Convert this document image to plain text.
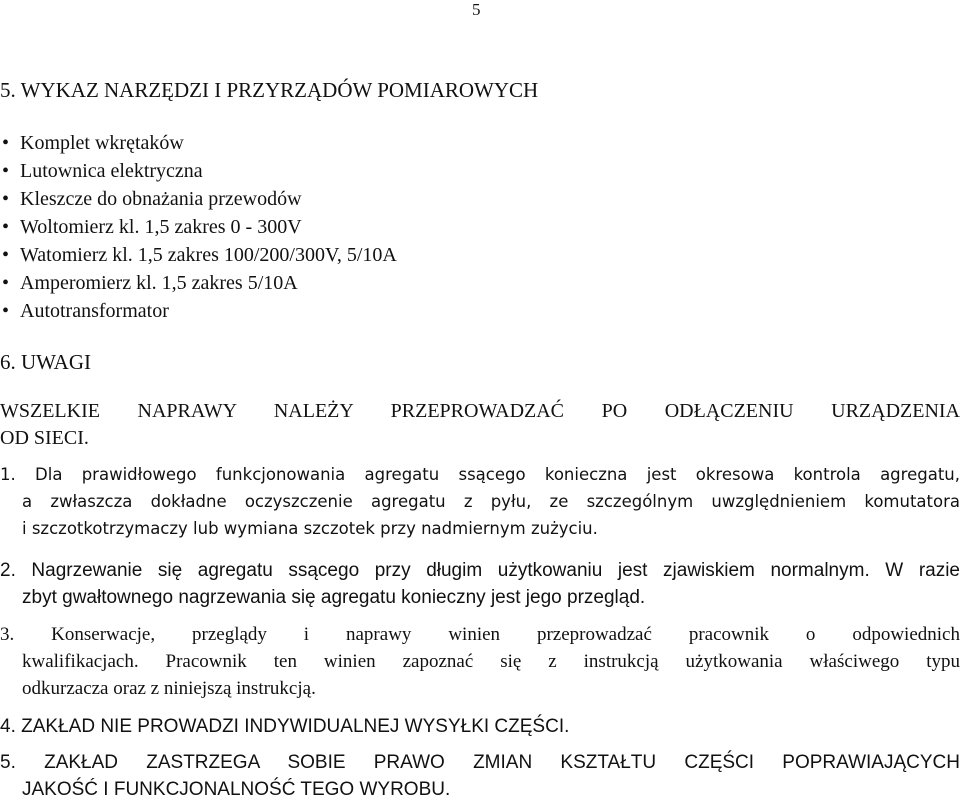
5
5. WYKAZ NARZĘDZI I PRZYRZĄDÓW POMIAROWYCH
• Komplet wkrętaków
• Lutownica elektryczna
• Kleszcze do obnażania przewodów
• Woltomierz kl. 1,5 zakres 0 - 300V
• Watomierz kl. 1,5 zakres 100/200/300V, 5/10A
• Amperomierz kl. 1,5 zakres 5/10A
• Autotransformator
6. UWAGI
WSZELKIE NAPRAWY NALEŻY PRZEPROWADZAĆ PO ODŁĄCZENIU URZĄDZENIA
OD SIECI.
1. Dla prawidłowego funkcjonowania agregatu ssącego konieczna jest okresowa kontrola agregatu,
a zwłaszcza dokładne oczyszczenie agregatu z pyłu, ze szczególnym uwzględnieniem komutatora
i szczotkotrzymaczy lub wymiana szczotek przy nadmiernym zużyciu.
2. Nagrzewanie się agregatu ssącego przy długim użytkowaniu jest zjawiskiem normalnym. W razie
zbyt gwałtownego nagrzewania się agregatu konieczny jest jego przegląd.
3. Konserwacje, przeglądy i naprawy winien przeprowadzać pracownik o odpowiednich
kwalifikacjach. Pracownik ten winien zapoznać się z instrukcją użytkowania właściwego typu
odkurzacza oraz z niniejszą instrukcją.
4. ZAKŁAD NIE PROWADZI INDYWIDUALNEJ WYSYŁKI CZĘŚCI.
5. ZAKŁAD ZASTRZEGA SOBIE PRAWO ZMIAN KSZTAŁTU CZĘŚCI POPRAWIAJĄCYCH
JAKOŚĆ I FUNKCJONALNOŚĆ TEGO WYROBU.
